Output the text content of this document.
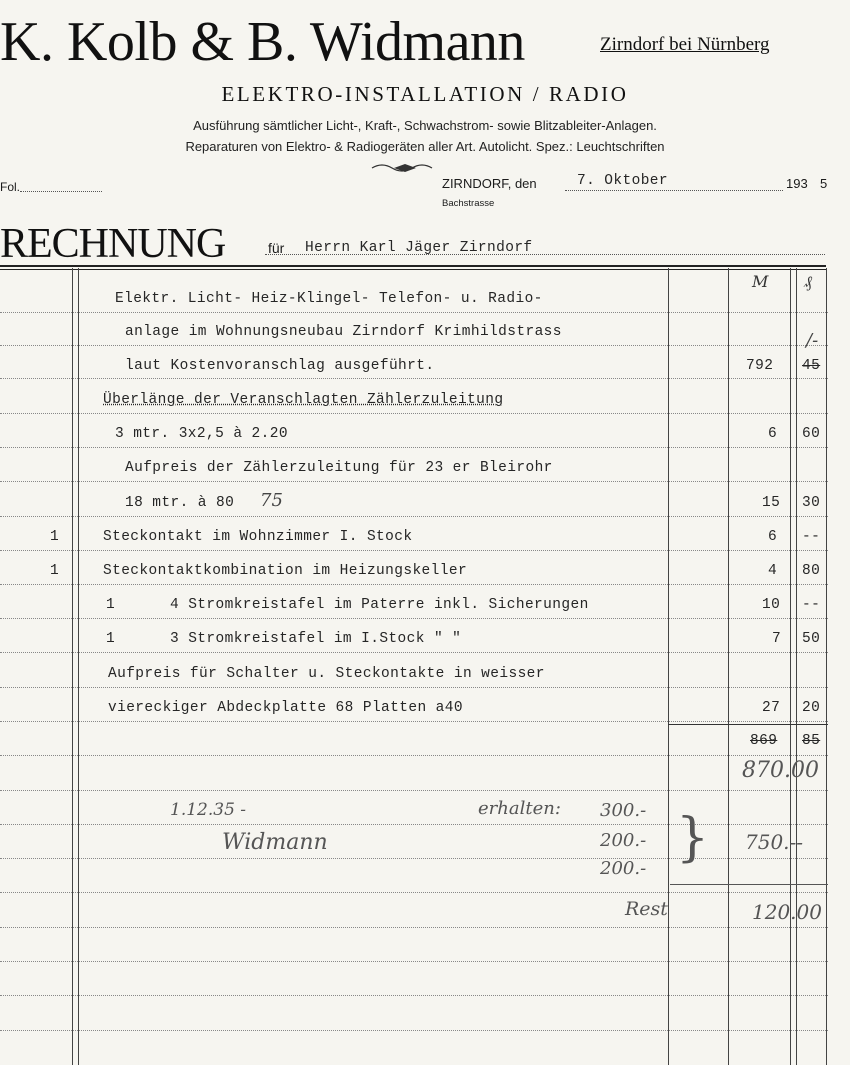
K. Kolb & B. Widmann	Zirndorf bei Nürnberg
ELEKTRO-INSTALLATION / RADIO
Ausführung sämtlicher Licht-, Kraft-, Schwachstrom- sowie Blitzableiter-Anlagen.
Reparaturen von Elektro- & Radiogeräten aller Art. Autolicht. Spez.: Leuchtschriften
Fol.	ZIRNDORF, den	7. Oktober	193 5
Bachstrasse
RECHNUNG	für Herrn Karl Jäger Zirndorf
M ₰
Elektr. Licht- Heiz-Klingel- Telefon- u. Radio-
anlage im Wohnungsneubau Zirndorf Krimhildstrass
laut Kostenvoranschlag ausgeführt.	792 45
/-
Überlänge der Veranschlagten Zählerzuleitung
3 mtr. 3x2,5 à 2.20	6 60
Aufpreis der Zählerzuleitung für 23 er Bleirohr
18 mtr. à 80 75	15 30
1	Steckontakt im Wohnzimmer I. Stock	6 --
1	Steckontaktkombination im Heizungskeller	4 80
1	4 Stromkreistafel im Paterre inkl. Sicherungen	10 --
1	3 Stromkreistafel im I.Stock " "	7 50
Aufpreis für Schalter u. Steckontakte in weisser
viereckiger Abdeckplatte 68 Platten a40	27 20
869 85
870.00
1.12.35 -	erhalten: 300.-
200.-
200.-
} 750.--
Widmann
Rest	120.00
